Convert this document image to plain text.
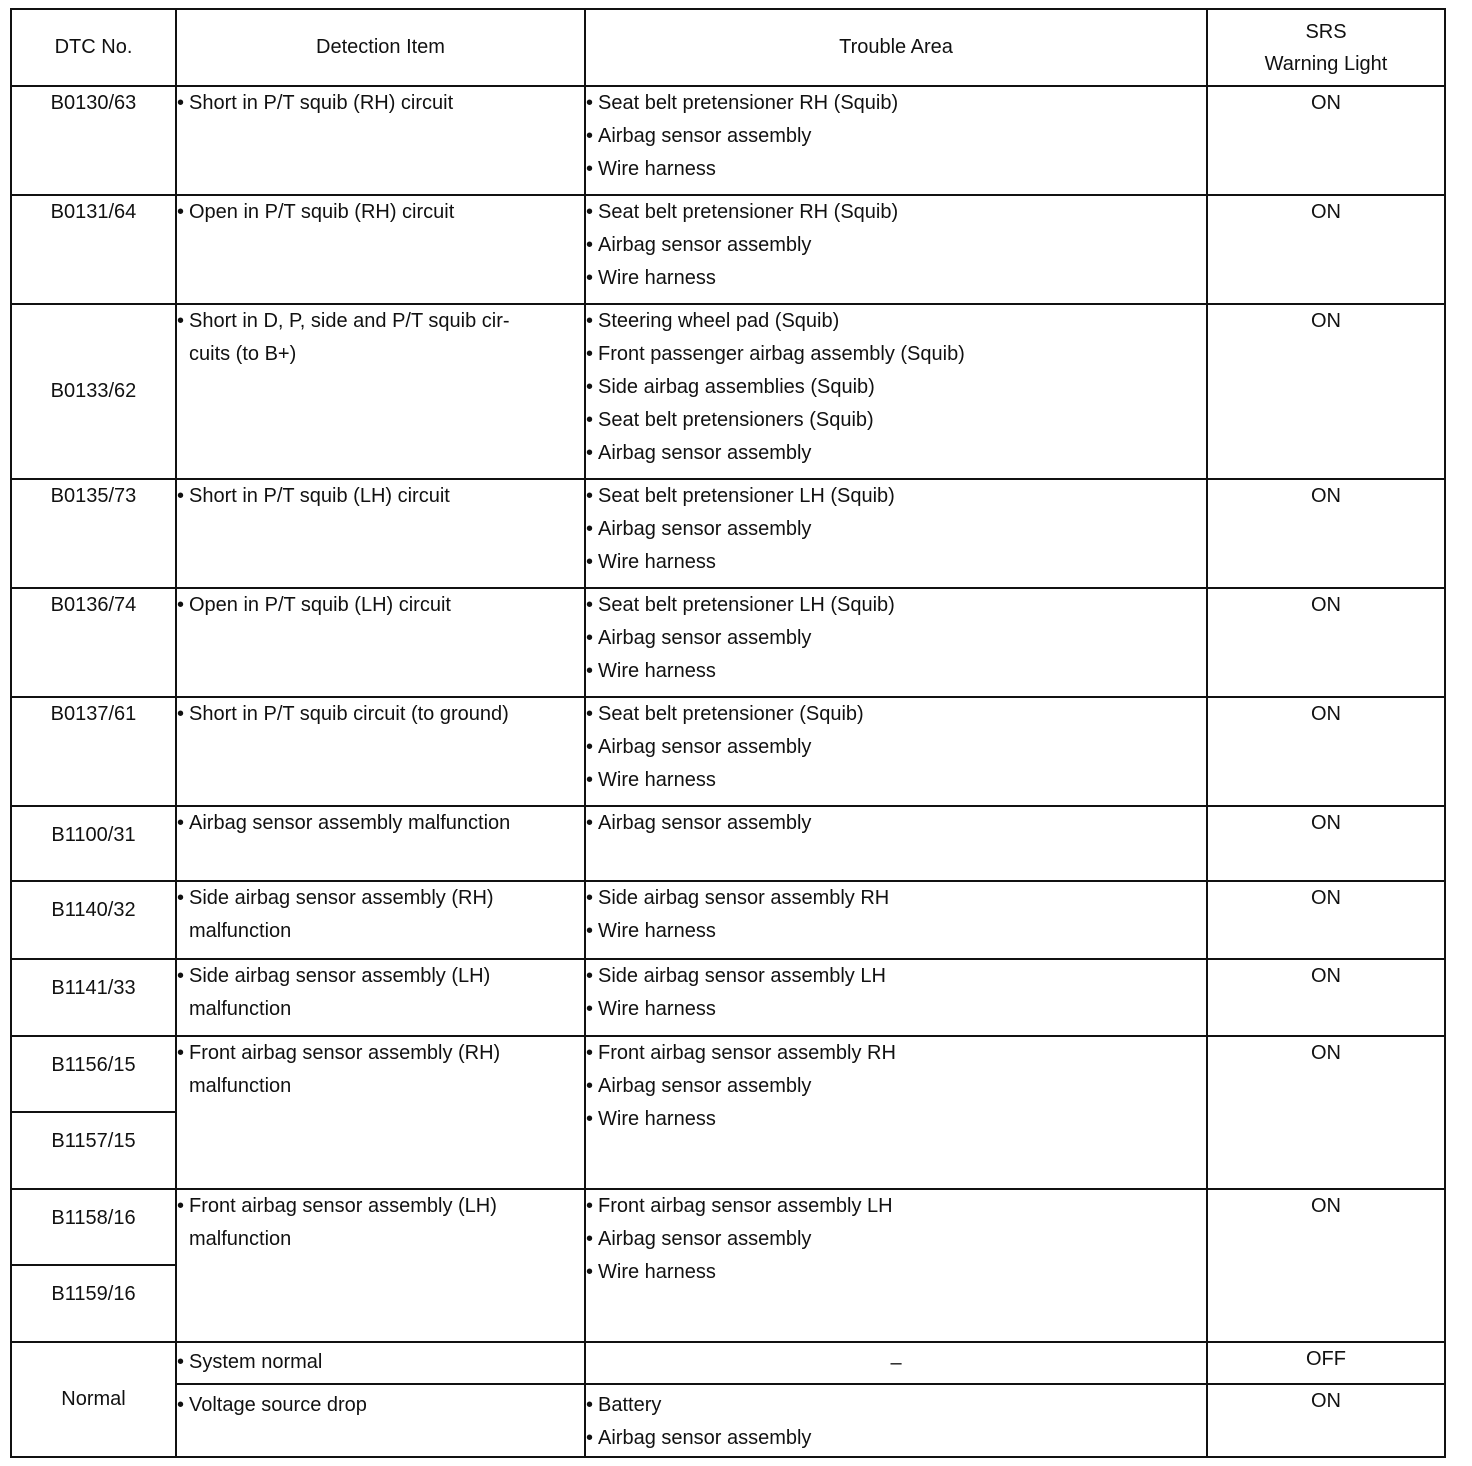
DTC No.	Detection Item	Trouble Area	SRS
Warning Light
B0130/63	• Short in P/T squib (RH) circuit	• Seat belt pretensioner RH (Squib)
• Airbag sensor assembly
• Wire harness	ON
B0131/64	• Open in P/T squib (RH) circuit	• Seat belt pretensioner RH (Squib)
• Airbag sensor assembly
• Wire harness	ON
B0133/62	• Short in D, P, side and P/T squib cir-
cuits (to B+)	• Steering wheel pad (Squib)
• Front passenger airbag assembly (Squib)
• Side airbag assemblies (Squib)
• Seat belt pretensioners (Squib)
• Airbag sensor assembly	ON
B0135/73	• Short in P/T squib (LH) circuit	• Seat belt pretensioner LH (Squib)
• Airbag sensor assembly
• Wire harness	ON
B0136/74	• Open in P/T squib (LH) circuit	• Seat belt pretensioner LH (Squib)
• Airbag sensor assembly
• Wire harness	ON
B0137/61	• Short in P/T squib circuit (to ground)	• Seat belt pretensioner (Squib)
• Airbag sensor assembly
• Wire harness	ON
B1100/31	• Airbag sensor assembly malfunction	• Airbag sensor assembly	ON
B1140/32	• Side airbag sensor assembly (RH)
malfunction	• Side airbag sensor assembly RH
• Wire harness	ON
B1141/33	• Side airbag sensor assembly (LH)
malfunction	• Side airbag sensor assembly LH
• Wire harness	ON
B1156/15	• Front airbag sensor assembly (RH)
malfunction	• Front airbag sensor assembly RH
• Airbag sensor assembly
• Wire harness	ON
B1157/15			
B1158/16	• Front airbag sensor assembly (LH)
malfunction	• Front airbag sensor assembly LH
• Airbag sensor assembly
• Wire harness	ON
B1159/16			
Normal	• System normal	–	OFF

	• Voltage source drop	• Battery
• Airbag sensor assembly	ON
